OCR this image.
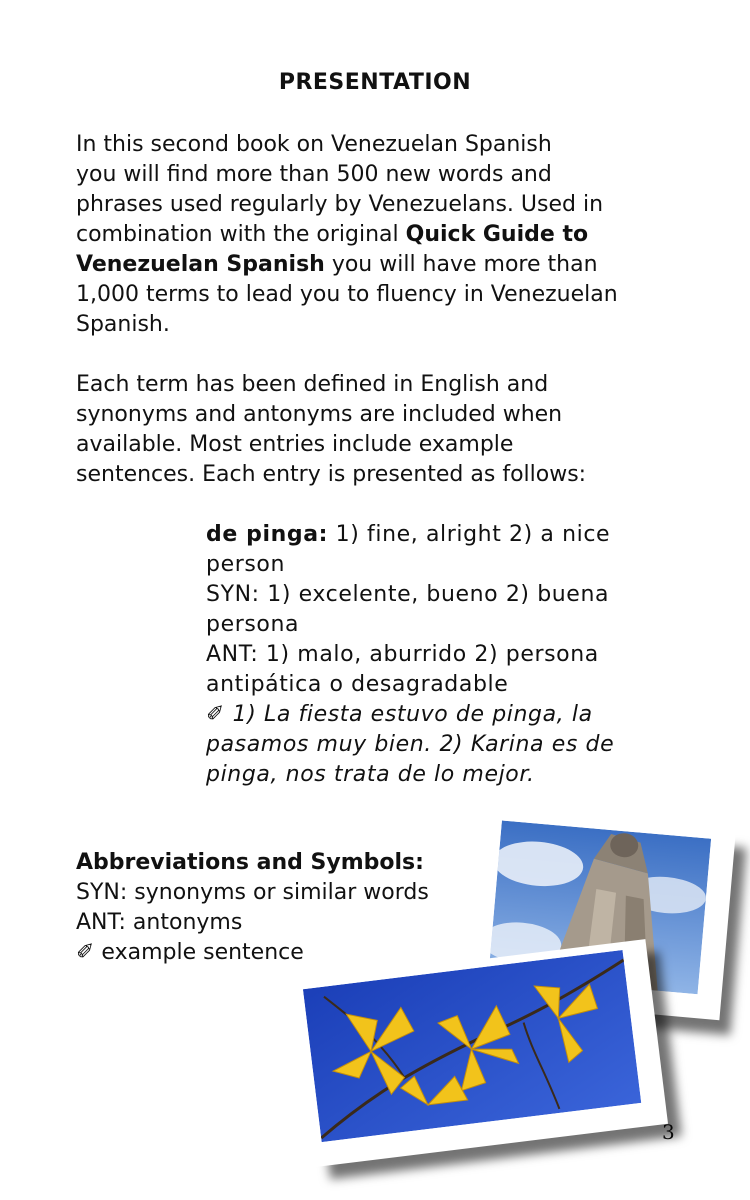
PRESENTATION
In this second book on Venezuelan Spanish
you will find more than 500 new words and
phrases used regularly by Venezuelans. Used in
combination with the original Quick Guide to
Venezuelan Spanish you will have more than
1,000 terms to lead you to fluency in Venezuelan
Spanish.
Each term has been defined in English and
synonyms and antonyms are included when
available. Most entries include example
sentences. Each entry is presented as follows:
de pinga: 1) fine, alright 2) a nice
person
SYN: 1) excelente, bueno 2) buena
persona
ANT: 1) malo, aburrido 2) persona
antipática o desagradable
✐ 1) La fiesta estuvo de pinga, la
pasamos muy bien. 2) Karina es de
pinga, nos trata de lo mejor.
Abbreviations and Symbols:
SYN: synonyms or similar words
ANT: antonyms
✐ example sentence
3
